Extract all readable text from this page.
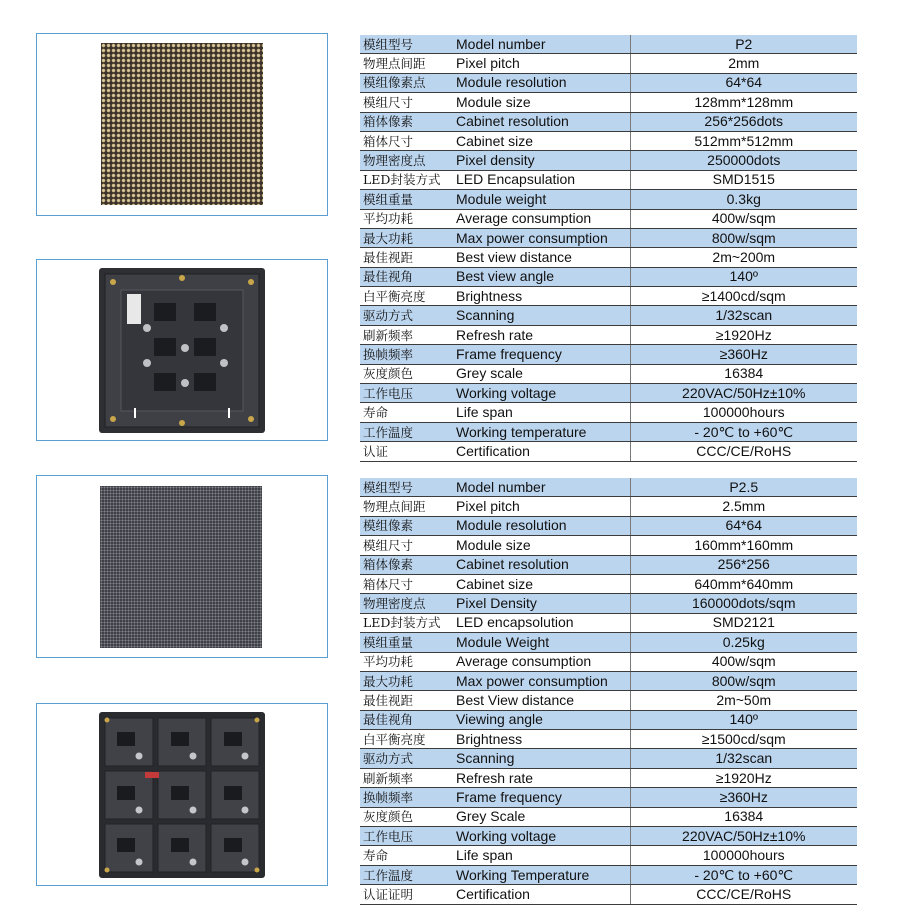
模组型号	Model number	P2
物理点间距	Pixel pitch	2mm
模组像素点	Module resolution	64*64
模组尺寸	Module size	128mm*128mm
箱体像素	Cabinet resolution	256*256dots
箱体尺寸	Cabinet size	512mm*512mm
物理密度点	Pixel density	250000dots
LED封装方式	LED Encapsulation	SMD1515
模组重量	Module weight	0.3kg
平均功耗	Average consumption	400w/sqm
最大功耗	Max power consumption	800w/sqm
最佳视距	Best view distance	2m~200m
最佳视角	Best view angle	140º
白平衡亮度	Brightness	≥1400cd/sqm
驱动方式	Scanning	1/32scan
刷新频率	Refresh rate	≥1920Hz
换帧频率	Frame frequency	≥360Hz
灰度颜色	Grey scale	16384
工作电压	Working voltage	220VAC/50Hz±10%
寿命	Life span	100000hours
工作温度	Working temperature	- 20℃ to +60℃
认证	Certification	CCC/CE/RoHS
模组型号	Model number	P2.5
物理点间距	Pixel pitch	2.5mm
模组像素	Module resolution	64*64
模组尺寸	Module size	160mm*160mm
箱体像素	Cabinet resolution	256*256
箱体尺寸	Cabinet size	640mm*640mm
物理密度点	Pixel Density	160000dots/sqm
LED封装方式	LED encapsolution	SMD2121
模组重量	Module Weight	0.25kg
平均功耗	Average consumption	400w/sqm
最大功耗	Max power consumption	800w/sqm
最佳视距	Best View distance	2m~50m
最佳视角	Viewing angle	140º
白平衡亮度	Brightness	≥1500cd/sqm
驱动方式	Scanning	1/32scan
刷新频率	Refresh rate	≥1920Hz
换帧频率	Frame frequency	≥360Hz
灰度颜色	Grey Scale	16384
工作电压	Working voltage	220VAC/50Hz±10%
寿命	Life span	100000hours
工作温度	Working Temperature	- 20℃ to +60℃
认证证明	Certification	CCC/CE/RoHS
